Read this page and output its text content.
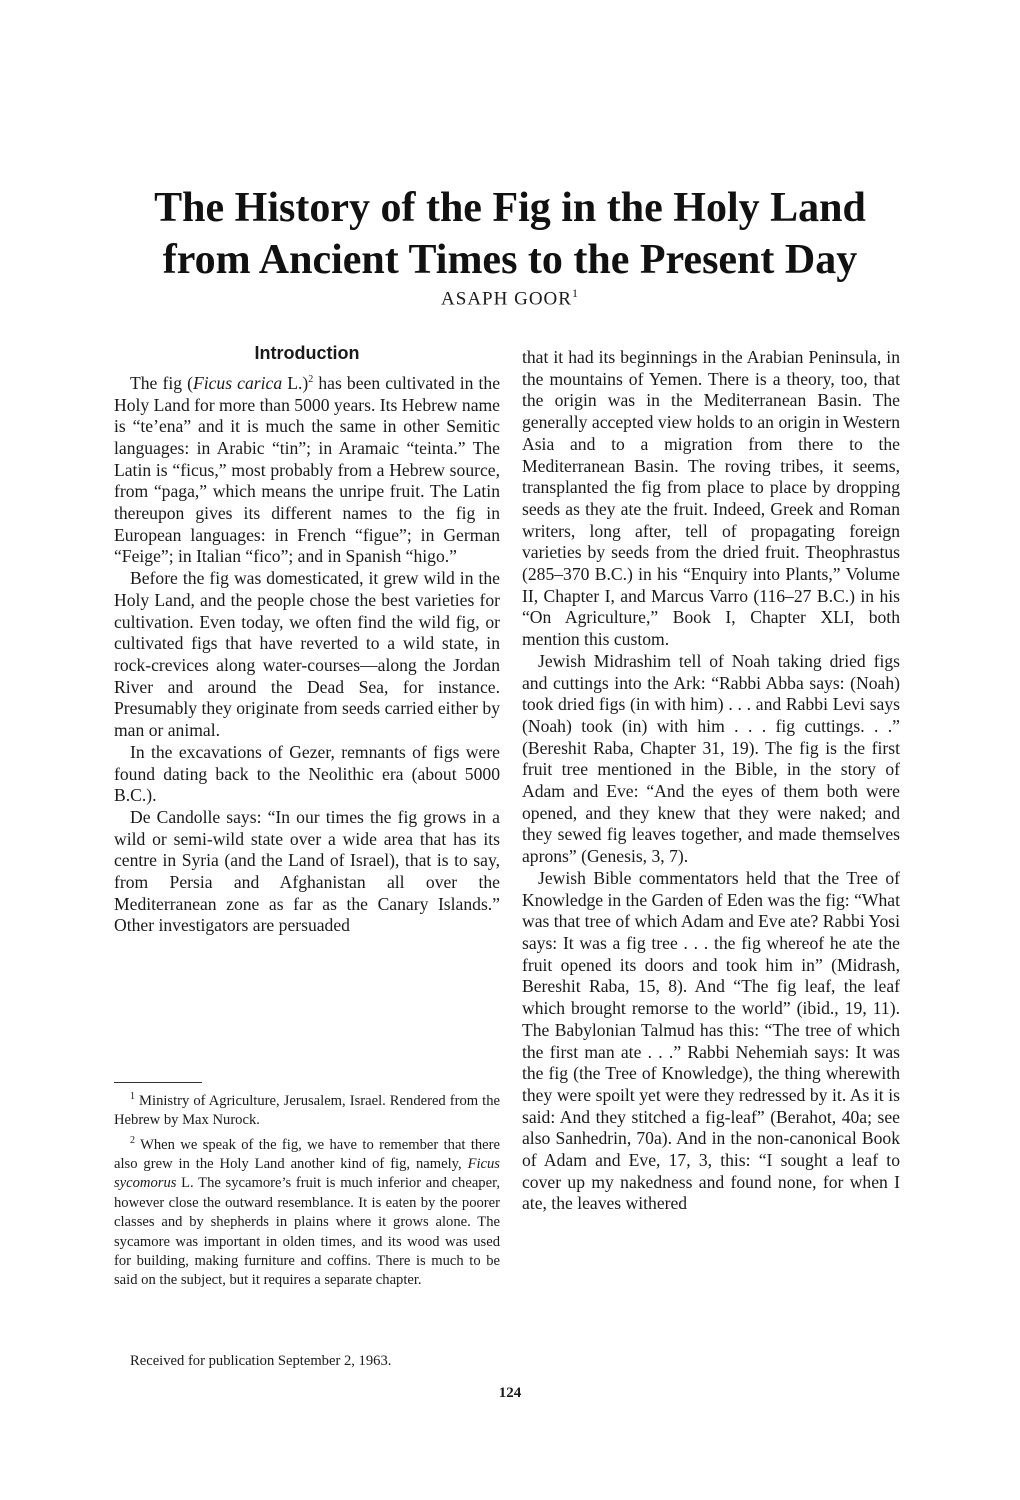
The History of the Fig in the Holy Land
from Ancient Times to the Present Day
ASAPH GOOR$^1$
Introduction

The fig (Ficus carica L.)$^2$ has been cultivated in the Holy Land for more than 5000 years. Its Hebrew name is “te’ena” and it is much the same in other Semitic languages: in Arabic “tin”; in Aramaic “teinta.” The Latin is “ficus,” most probably from a Hebrew source, from “paga,” which means the unripe fruit. The Latin thereupon gives its different names to the fig in European languages: in French “figue”; in German “Feige”; in Italian “fico”; and in Spanish “higo.”

Before the fig was domesticated, it grew wild in the Holy Land, and the people chose the best varieties for cultivation. Even today, we often find the wild fig, or cultivated figs that have reverted to a wild state, in rock-crevices along water-courses—along the Jordan River and around the Dead Sea, for instance. Presumably they originate from seeds carried either by man or animal.

In the excavations of Gezer, remnants of figs were found dating back to the Neolithic era (about 5000 B.C.).

De Candolle says: “In our times the fig grows in a wild or semi-wild state over a wide area that has its centre in Syria (and the Land of Israel), that is to say, from Persia and Afghanistan all over the Mediterranean zone as far as the Canary Islands.” Other investigators are persuaded

$^1$ Ministry of Agriculture, Jerusalem, Israel. Rendered from the Hebrew by Max Nurock.

$^2$ When we speak of the fig, we have to remember that there also grew in the Holy Land another kind of fig, namely, Ficus sycomorus L. The sycamore’s fruit is much inferior and cheaper, however close the outward resemblance. It is eaten by the poorer classes and by shepherds in plains where it grows alone. The sycamore was important in olden times, and its wood was used for building, making furniture and coffins. There is much to be said on the subject, but it requires a separate chapter.

Received for publication September 2, 1963.

that it had its beginnings in the Arabian Peninsula, in the mountains of Yemen. There is a theory, too, that the origin was in the Mediterranean Basin. The generally accepted view holds to an origin in Western Asia and to a migration from there to the Mediterranean Basin. The roving tribes, it seems, transplanted the fig from place to place by dropping seeds as they ate the fruit. Indeed, Greek and Roman writers, long after, tell of propagating foreign varieties by seeds from the dried fruit. Theophrastus (285–370 B.C.) in his “Enquiry into Plants,” Volume II, Chapter I, and Marcus Varro (116–27 B.C.) in his “On Agriculture,” Book I, Chapter XLI, both mention this custom.

Jewish Midrashim tell of Noah taking dried figs and cuttings into the Ark: “Rabbi Abba says: (Noah) took dried figs (in with him) . . . and Rabbi Levi says (Noah) took (in) with him . . . fig cuttings. . .” (Bereshit Raba, Chapter 31, 19). The fig is the first fruit tree mentioned in the Bible, in the story of Adam and Eve: “And the eyes of them both were opened, and they knew that they were naked; and they sewed fig leaves together, and made themselves aprons” (Genesis, 3, 7).

Jewish Bible commentators held that the Tree of Knowledge in the Garden of Eden was the fig: “What was that tree of which Adam and Eve ate? Rabbi Yosi says: It was a fig tree . . . the fig whereof he ate the fruit opened its doors and took him in” (Midrash, Bereshit Raba, 15, 8). And “The fig leaf, the leaf which brought remorse to the world” (ibid., 19, 11). The Babylonian Talmud has this: “The tree of which the first man ate . . .” Rabbi Nehemiah says: It was the fig (the Tree of Knowledge), the thing wherewith they were spoilt yet were they redressed by it. As it is said: And they stitched a fig-leaf” (Berahot, 40a; see also Sanhedrin, 70a). And in the non-canonical Book of Adam and Eve, 17, 3, this: “I sought a leaf to cover up my nakedness and found none, for when I ate, the leaves withered

124
